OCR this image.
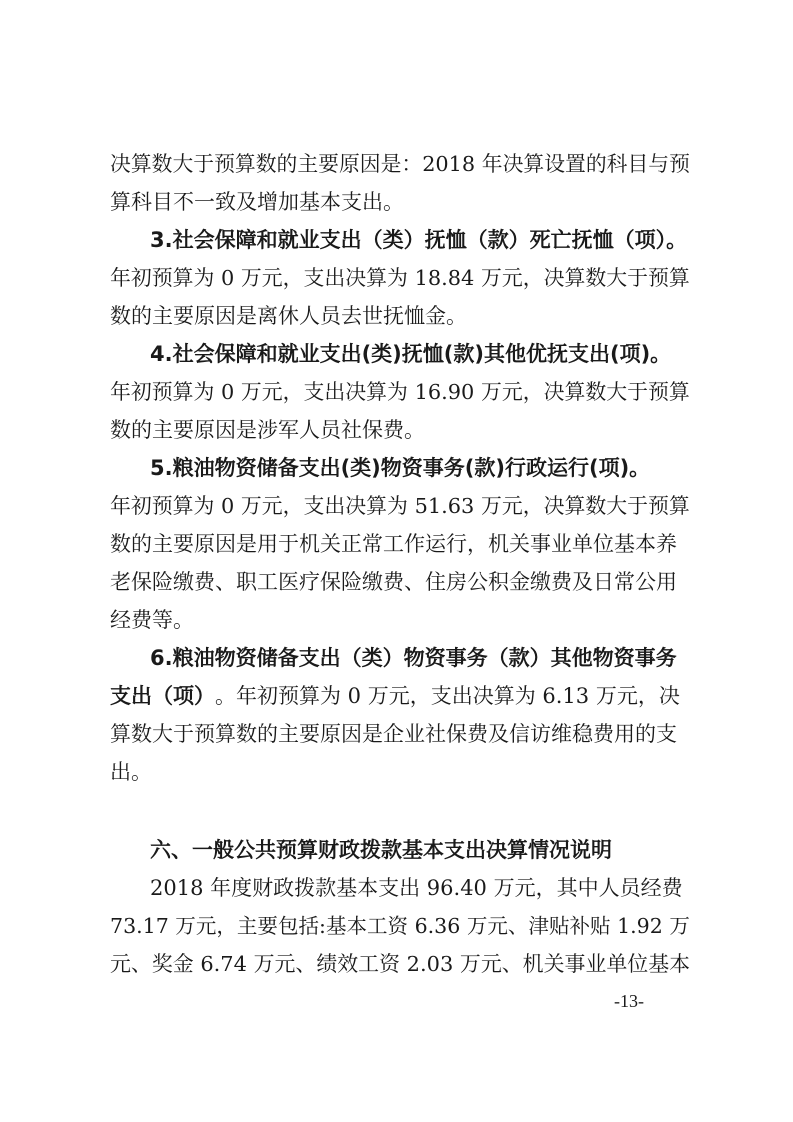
决算数大于预算数的主要原因是：2018 年决算设置的科目与预
算科目不一致及增加基本支出。
3.社会保障和就业支出（类）抚恤（款）死亡抚恤（项）。
年初预算为 0 万元，支出决算为 18.84 万元，决算数大于预算
数的主要原因是离休人员去世抚恤金。
4.社会保障和就业支出(类)抚恤(款)其他优抚支出(项)。
年初预算为 0 万元，支出决算为 16.90 万元，决算数大于预算
数的主要原因是涉军人员社保费。
5.粮油物资储备支出(类)物资事务(款)行政运行(项)。
年初预算为 0 万元，支出决算为 51.63 万元，决算数大于预算
数的主要原因是用于机关正常工作运行，机关事业单位基本养
老保险缴费、职工医疗保险缴费、住房公积金缴费及日常公用
经费等。
6.粮油物资储备支出（类）物资事务（款）其他物资事务
支出（项） 。年初预算为 0 万元，支出决算为 6.13 万元，决
算数大于预算数的主要原因是企业社保费及信访维稳费用的支
出。
六、一般公共预算财政拨款基本支出决算情况说明
2018 年度财政拨款基本支出 96.40 万元，其中人员经费
73.17 万元，主要包括:基本工资 6.36 万元、津贴补贴 1.92 万
元、奖金 6.74 万元、绩效工资 2.03 万元、机关事业单位基本
-13-
